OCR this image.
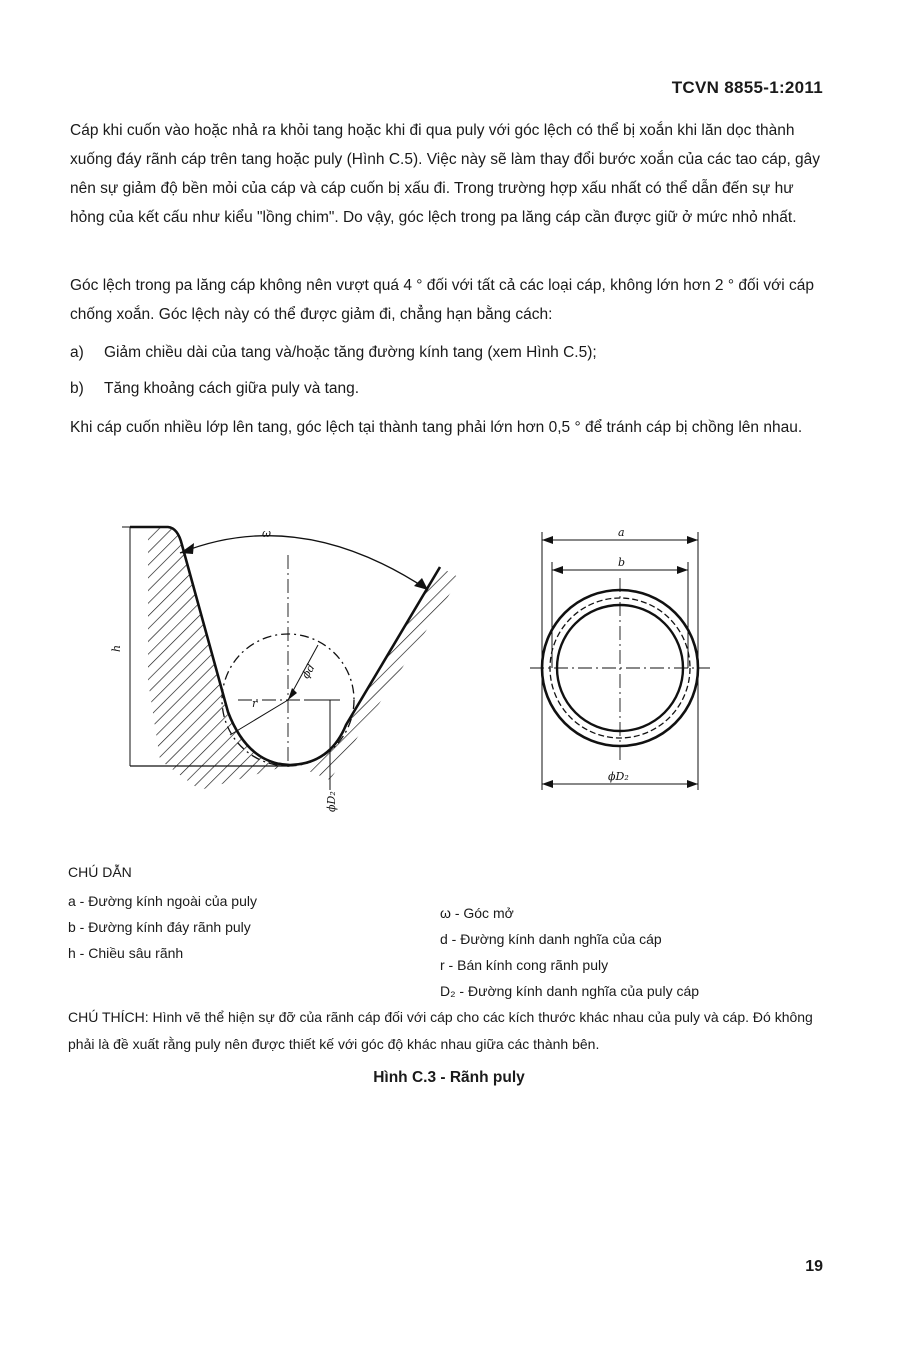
TCVN 8855-1:2011

Cáp khi cuốn vào hoặc nhả ra khỏi tang hoặc khi đi qua puly với góc lệch có thể bị xoắn khi lăn dọc thành xuống đáy rãnh cáp trên tang hoặc puly (Hình C.5). Việc này sẽ làm thay đổi bước xoắn của các tao cáp, gây nên sự giảm độ bền mỏi của cáp và cáp cuốn bị xấu đi. Trong trường hợp xấu nhất có thể dẫn đến sự hư hỏng của kết cấu như kiểu "lồng chim". Do vậy, góc lệch trong pa lăng cáp cần được giữ ở mức nhỏ nhất.

Góc lệch trong pa lăng cáp không nên vượt quá 4 ° đối với tất cả các loại cáp, không lớn hơn 2 ° đối với cáp chống xoắn. Góc lệch này có thể được giảm đi, chẳng hạn bằng cách:

a)	Giảm chiều dài của tang và/hoặc tăng đường kính tang (xem Hình C.5);
b)	Tăng khoảng cách giữa puly và tang.

Khi cáp cuốn nhiều lớp lên tang, góc lệch tại thành tang phải lớn hơn 0,5 ° để tránh cáp bị chồng lên nhau.

ω
h
r
ϕd
ϕD₂
a
b
ϕD₂
CHÚ DẪN
a - Đường kính ngoài của puly
b - Đường kính đáy rãnh puly
h - Chiều sâu rãnh
ω - Góc mở
d - Đường kính danh nghĩa của cáp
r - Bán kính cong rãnh puly
D₂ - Đường kính danh nghĩa của puly cáp

CHÚ THÍCH: Hình vẽ thể hiện sự đỡ của rãnh cáp đối với cáp cho các kích thước khác nhau của puly và cáp. Đó không phải là đề xuất rằng puly nên được thiết kế với góc độ khác nhau giữa các thành bên.

Hình C.3 - Rãnh puly
19
